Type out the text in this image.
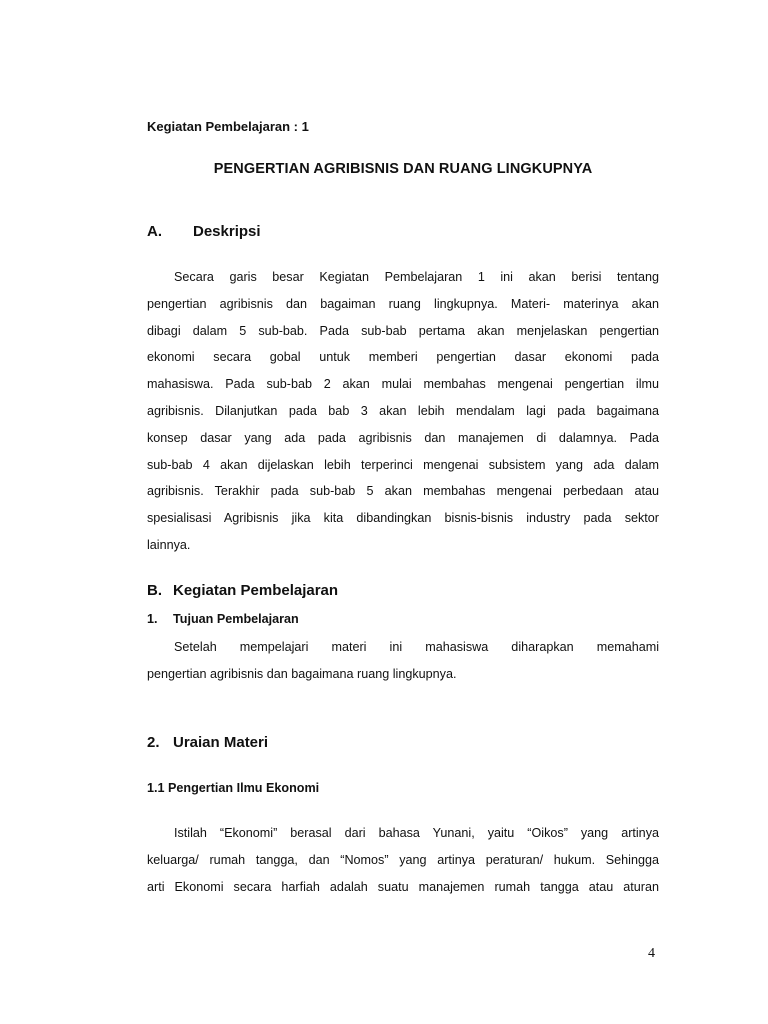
Kegiatan Pembelajaran : 1
PENGERTIAN AGRIBISNIS DAN RUANG LINGKUPNYA
A. Deskripsi
Secara garis besar Kegiatan Pembelajaran 1 ini akan berisi tentang
pengertian agribisnis dan bagaiman ruang lingkupnya. Materi- materinya akan
dibagi dalam 5 sub-bab. Pada sub-bab pertama akan menjelaskan pengertian
ekonomi secara gobal untuk memberi pengertian dasar ekonomi pada
mahasiswa. Pada sub-bab 2 akan mulai membahas mengenai pengertian ilmu
agribisnis. Dilanjutkan pada bab 3 akan lebih mendalam lagi pada bagaimana
konsep dasar yang ada pada agribisnis dan manajemen di dalamnya. Pada
sub-bab 4 akan dijelaskan lebih terperinci mengenai subsistem yang ada dalam
agribisnis. Terakhir pada sub-bab 5 akan membahas mengenai perbedaan atau
spesialisasi Agribisnis jika kita dibandingkan bisnis-bisnis industry pada sektor
lainnya.
B. Kegiatan Pembelajaran
1. Tujuan Pembelajaran
Setelah mempelajari materi ini mahasiswa diharapkan memahami
pengertian agribisnis dan bagaimana ruang lingkupnya.
2. Uraian Materi
1.1 Pengertian Ilmu Ekonomi
Istilah “Ekonomi” berasal dari bahasa Yunani, yaitu “Oikos” yang artinya
keluarga/ rumah tangga, dan “Nomos” yang artinya peraturan/ hukum. Sehingga
arti Ekonomi secara harfiah adalah suatu manajemen rumah tangga atau aturan
4
